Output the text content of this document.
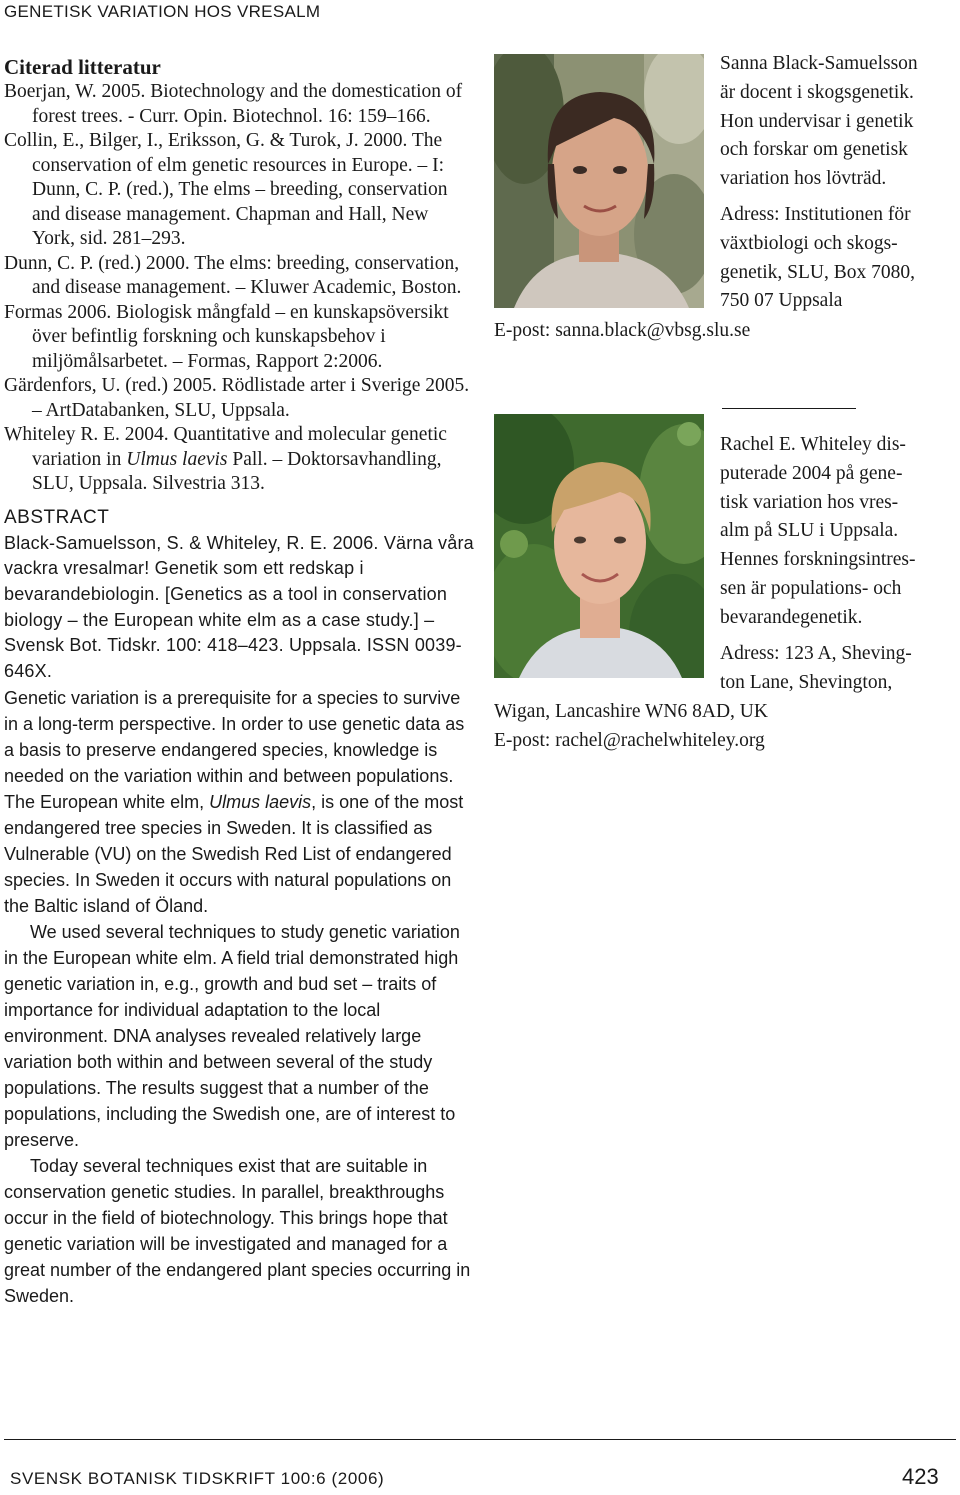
GENETISK VARIATION HOS VRESALM
Citerad litteratur
Boerjan, W. 2005. Biotechnology and the domestication of forest trees. - Curr. Opin. Biotechnol. 16: 159–166.
Collin, E., Bilger, I., Eriksson, G. & Turok, J. 2000. The conservation of elm genetic resources in Europe. – I: Dunn, C. P. (red.), The elms – breeding, conservation and disease management. Chapman and Hall, New York, sid. 281–293.
Dunn, C. P. (red.) 2000. The elms: breeding, conservation, and disease management. – Kluwer Academic, Boston.
Formas 2006. Biologisk mångfald – en kunskapsöversikt över befintlig forskning och kunskapsbehov i miljömålsarbetet. – Formas, Rapport 2:2006.
Gärdenfors, U. (red.) 2005. Rödlistade arter i Sverige 2005. – ArtDatabanken, SLU, Uppsala.
Whiteley R. E. 2004. Quantitative and molecular genetic variation in Ulmus laevis Pall. – Doktorsavhandling, SLU, Uppsala. Silvestria 313.
ABSTRACT
Black-Samuelsson, S. & Whiteley, R. E. 2006. Värna våra vackra vresalmar! Genetik som ett redskap i bevarandebiologin. [Genetics as a tool in conservation biology – the European white elm as a case study.] – Svensk Bot. Tidskr. 100: 418–423. Uppsala. ISSN 0039-646X.

Genetic variation is a prerequisite for a species to survive in a long-term perspective. In order to use genetic data as a basis to preserve endangered species, knowledge is needed on the variation within and between populations. The European white elm, Ulmus laevis, is one of the most endangered tree species in Sweden. It is classified as Vulnerable (VU) on the Swedish Red List of endangered species. In Sweden it occurs with natural populations on the Baltic island of Öland.

We used several techniques to study genetic variation in the European white elm. A field trial demonstrated high genetic variation in, e.g., growth and bud set – traits of importance for individual adaptation to the local environment. DNA analyses revealed relatively large variation both within and between several of the study populations. The results suggest that a number of the populations, including the Swedish one, are of interest to preserve.

Today several techniques exist that are suitable in conservation genetic studies. In parallel, breakthroughs occur in the field of biotechnology. This brings hope that genetic variation will be investigated and managed for a great number of the endangered plant species occurring in Sweden.

Sanna Black-Samuelsson
är docent i skogsgenetik.
Hon undervisar i genetik
och forskar om genetisk
variation hos lövträd.
Adress: Institutionen för
växtbiologi och skogs-
genetik, SLU, Box 7080,
750 07 Uppsala
E-post: sanna.black@vbsg.slu.se
Rachel E. Whiteley dis-
puterade 2004 på gene-
tisk variation hos vres-
alm på SLU i Uppsala.
Hennes forskningsintres-
sen är populations- och
bevarandegenetik.
Adress: 123 A, Sheving-
ton Lane, Shevington,
Wigan, Lancashire WN6 8AD, UK
E-post: rachel@rachelwhiteley.org
SVENSK BOTANISK TIDSKRIFT 100:6 (2006)	423
